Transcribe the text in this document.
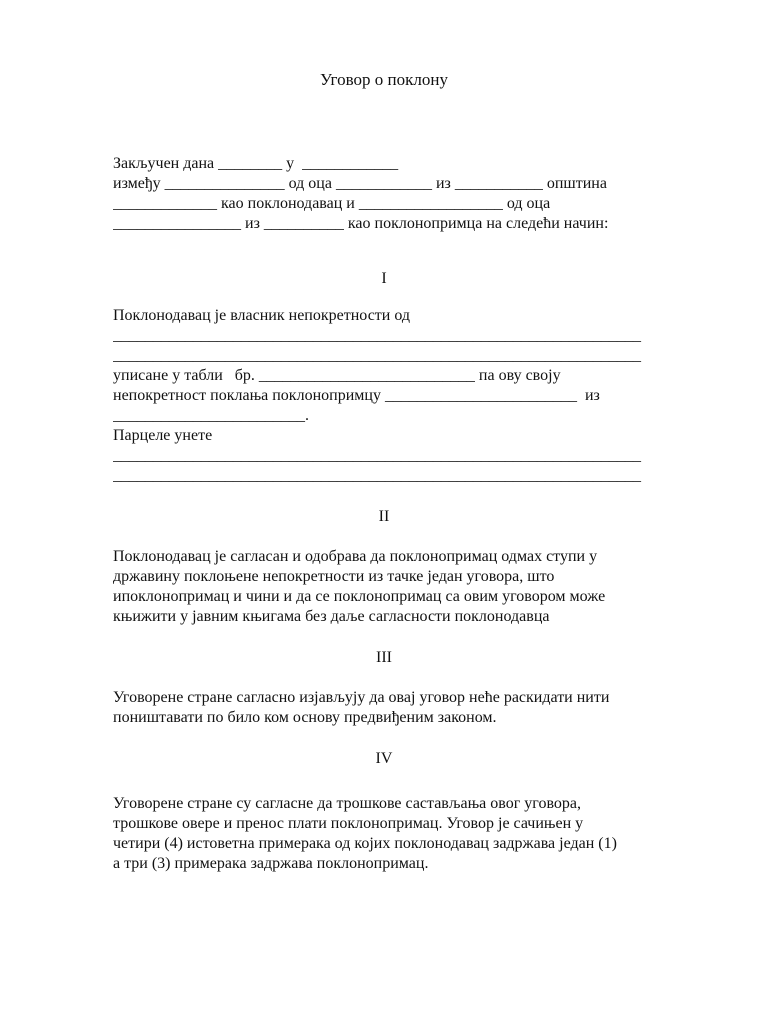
Уговор о поклону
Закључен дана ________ у  ____________
између _______________ од оца ____________ из ___________ општина
_____________ као поклонодавац и __________________ од оца
________________ из __________ као поклонопримца на следећи начин:
I
Поклонодавац је власник непокретности од
__________________________________________________________________
__________________________________________________________________
уписане у табли   бр. ___________________________ па ову своју
непокретност поклања поклонопримцу ________________________  из
________________________.
Парцеле унете
__________________________________________________________________
__________________________________________________________________
II
Поклонодавац је сагласан и одобрава да поклонопримац одмах ступи у
државину поклоњене непокретности из тачке један уговора, што
ипоклонопримац и чини и да се поклонопримац са овим уговором може
књижити у јавним књигама без даље сагласности поклонодавца
III
Уговорене стране сагласно изјављују да овај уговор неће раскидати нити
поништавати по било ком основу предвиђеним законом.
IV
Уговорене стране су сагласне да трошкове састављања овог уговора,
трошкове овере и пренос плати поклонопримац. Уговор је сачињен у
четири (4) истоветна примерака од којих поклонодавац задржава један (1)
а три (3) примерака задржава поклонопримац.
